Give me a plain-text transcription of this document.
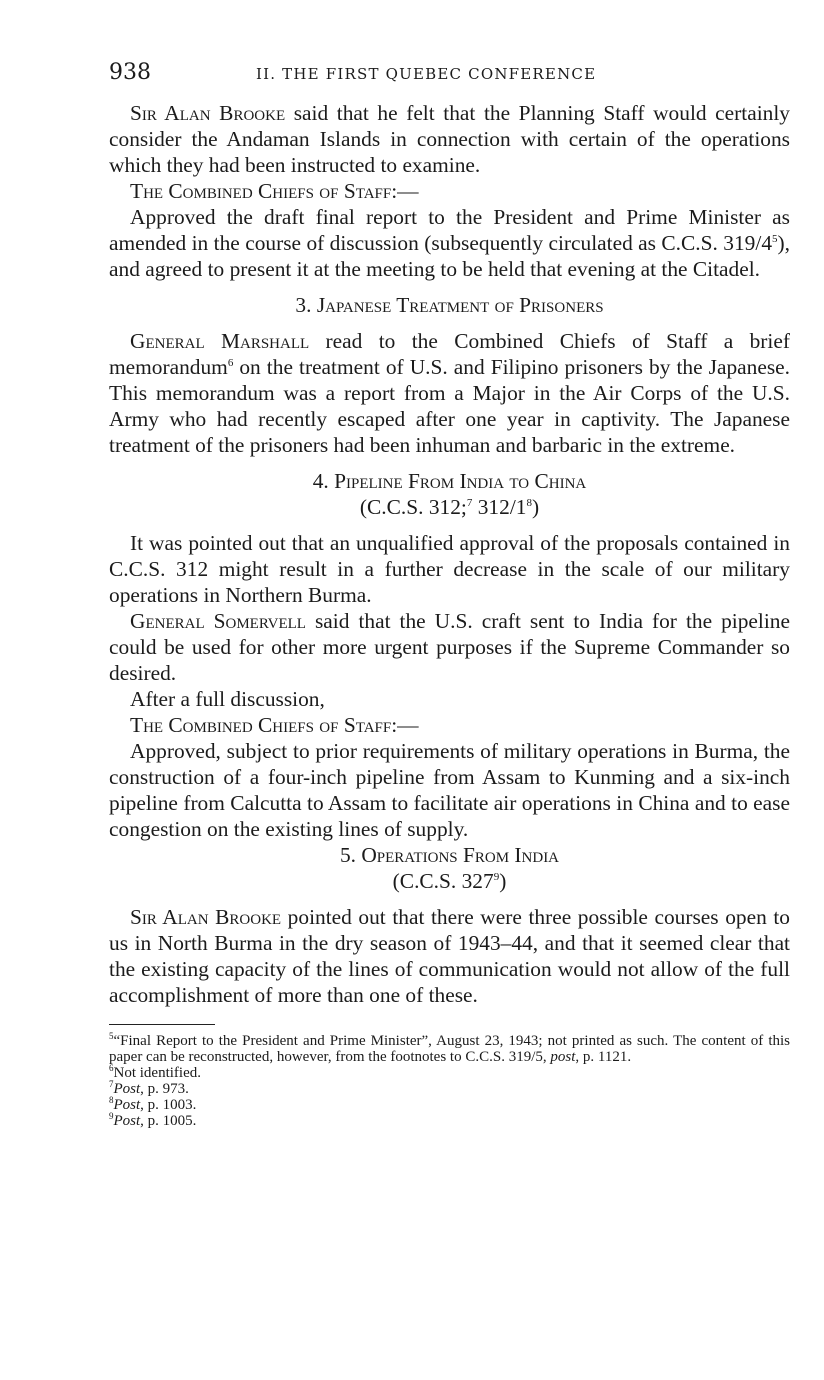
938	II. THE FIRST QUEBEC CONFERENCE

Sir Alan Brooke said that he felt that the Planning Staff would certainly consider the Andaman Islands in connection with certain of the operations which they had been instructed to examine.

The Combined Chiefs of Staff:—

Approved the draft final report to the President and Prime Minister as amended in the course of discussion (subsequently circulated as C.C.S. $319/4^5$), and agreed to present it at the meeting to be held that evening at the Citadel.

3. Japanese Treatment of Prisoners

General Marshall read to the Combined Chiefs of Staff a brief memorandum$^6$ on the treatment of U.S. and Filipino prisoners by the Japanese. This memorandum was a report from a Major in the Air Corps of the U.S. Army who had recently escaped after one year in captivity. The Japanese treatment of the prisoners had been inhuman and barbaric in the extreme.

4. Pipeline From India to China

(C.C.S. 312;$^7$ $312/1^8$)

It was pointed out that an unqualified approval of the proposals contained in C.C.S. 312 might result in a further decrease in the scale of our military operations in Northern Burma.

General Somervell said that the U.S. craft sent to India for the pipeline could be used for other more urgent purposes if the Supreme Commander so desired.

After a full discussion,

The Combined Chiefs of Staff:—

Approved, subject to prior requirements of military operations in Burma, the construction of a four-inch pipeline from Assam to Kunming and a six-inch pipeline from Calcutta to Assam to facilitate air operations in China and to ease congestion on the existing lines of supply.

5. Operations From India

(C.C.S. $327^9$)

Sir Alan Brooke pointed out that there were three possible courses open to us in North Burma in the dry season of 1943–44, and that it seemed clear that the existing capacity of the lines of communication would not allow of the full accomplishment of more than one of these.

$^5$“Final Report to the President and Prime Minister”, August 23, 1943; not printed as such. The content of this paper can be reconstructed, however, from the footnotes to C.C.S. 319/5, post, p. 1121.

$^6$Not identified.

$^7$Post, p. 973.

$^8$Post, p. 1003.

$^9$Post, p. 1005.
